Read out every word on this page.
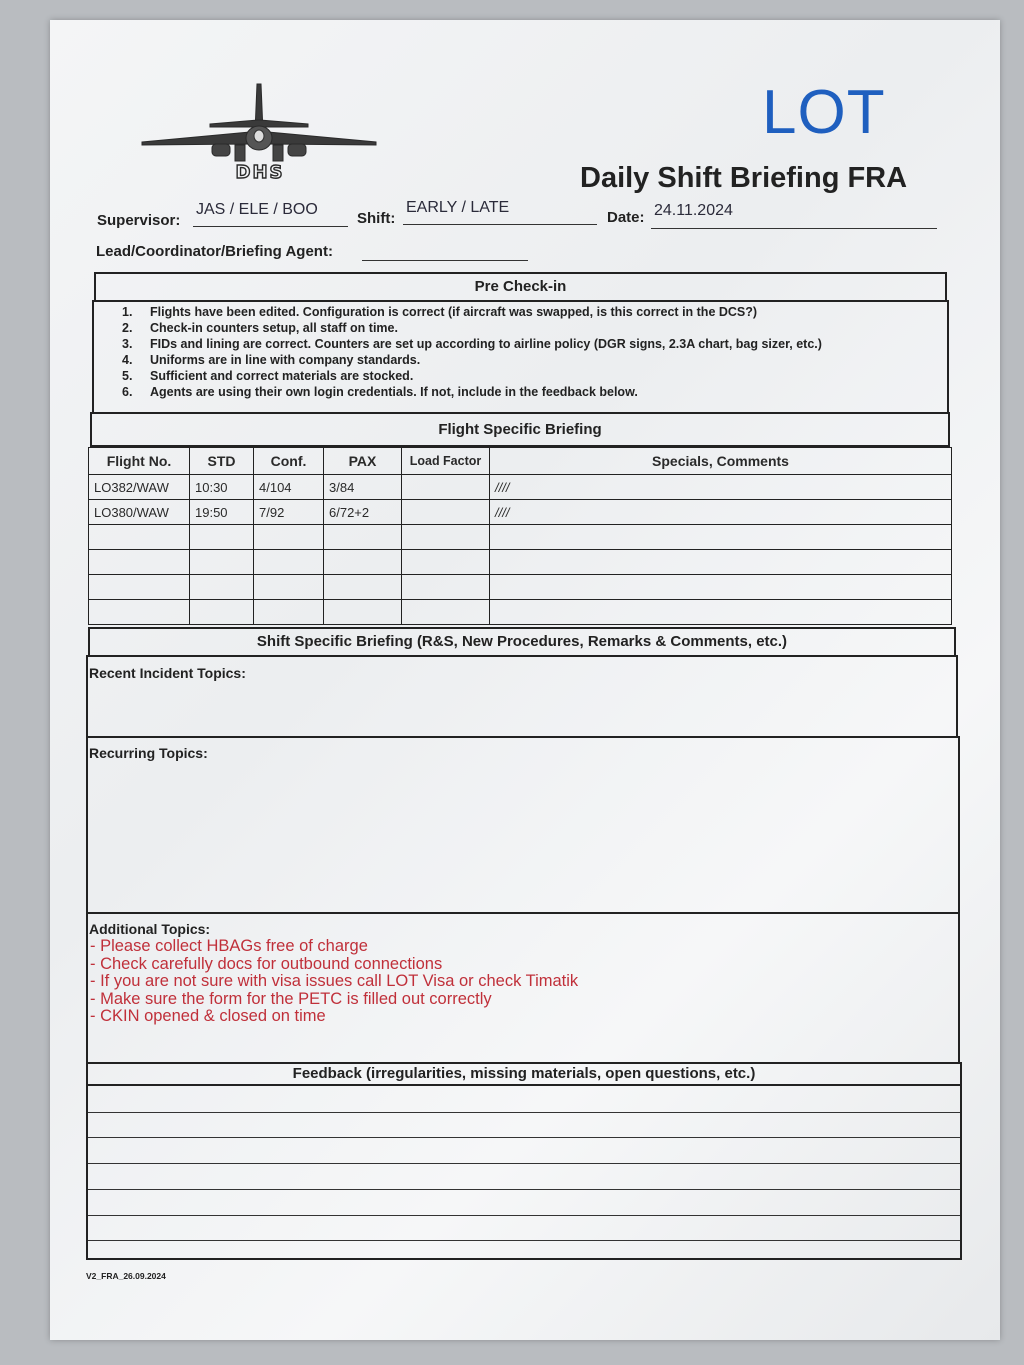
DHS
LOT
Daily Shift Briefing FRA
Supervisor:
JAS / ELE / BOO
Shift:
EARLY / LATE
Date: 24.11.2024
Lead/Coordinator/Briefing Agent:
Pre Check-in
1. Flights have been edited. Configuration is correct (if aircraft was swapped, is this correct in the DCS?)
2. Check-in counters setup, all staff on time.
3. FIDs and lining are correct. Counters are set up according to airline policy (DGR signs, 2.3A chart, bag sizer, etc.)
4. Uniforms are in line with company standards.
5. Sufficient and correct materials are stocked.
6. Agents are using their own login credentials. If not, include in the feedback below.
Flight Specific Briefing
Flight No.	STD	Conf.	PAX	Load Factor	Specials, Comments
LO382/WAW	10:30	4/104	3/84		////
LO380/WAW	19:50	7/92	6/72+2		////

Shift Specific Briefing (R&S, New Procedures, Remarks & Comments, etc.)
Recent Incident Topics:
Recurring Topics:
Additional Topics:
- Please collect HBAGs free of charge
- Check carefully docs for outbound connections
- If you are not sure with visa issues call LOT Visa or check Timatik
- Make sure the form for the PETC is filled out correctly
- CKIN opened & closed on time
Feedback (irregularities, missing materials, open questions, etc.)
V2_FRA_26.09.2024
